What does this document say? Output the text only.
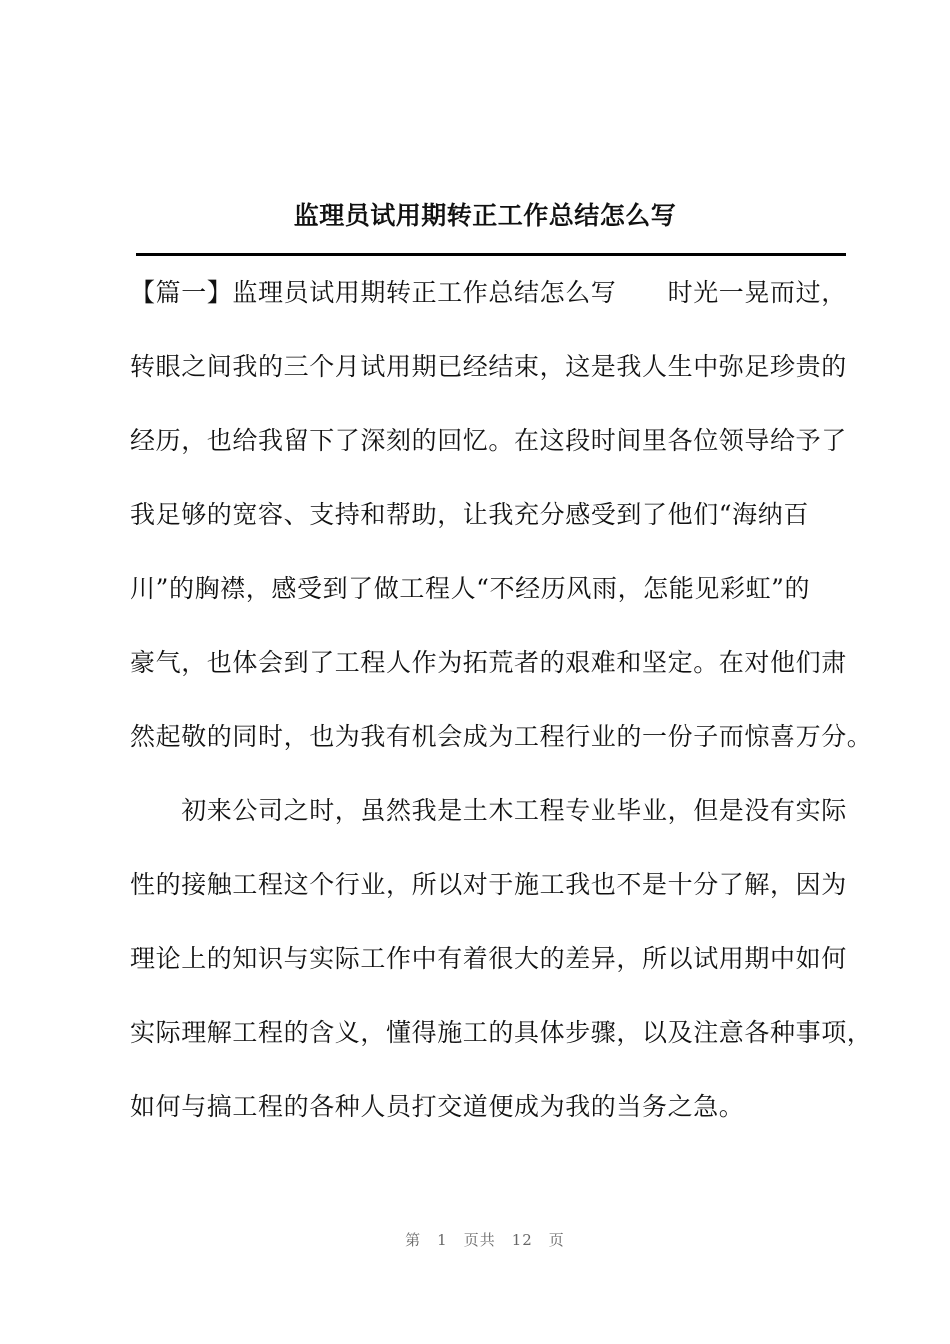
监理员试用期转正工作总结怎么写
【篇一】监理员试用期转正工作总结怎么写　　时光一晃而过，
转眼之间我的三个月试用期已经结束，这是我人生中弥足珍贵的
经历，也给我留下了深刻的回忆。在这段时间里各位领导给予了
我足够的宽容、支持和帮助，让我充分感受到了他们“海纳百
川”的胸襟，感受到了做工程人“不经历风雨，怎能见彩虹”的
豪气，也体会到了工程人作为拓荒者的艰难和坚定。在对他们肃
然起敬的同时，也为我有机会成为工程行业的一份子而惊喜万分。
　　初来公司之时，虽然我是土木工程专业毕业，但是没有实际
性的接触工程这个行业，所以对于施工我也不是十分了解，因为
理论上的知识与实际工作中有着很大的差异，所以试用期中如何
实际理解工程的含义，懂得施工的具体步骤，以及注意各种事项，
如何与搞工程的各种人员打交道便成为我的当务之急。
第　1　页共　12　页
